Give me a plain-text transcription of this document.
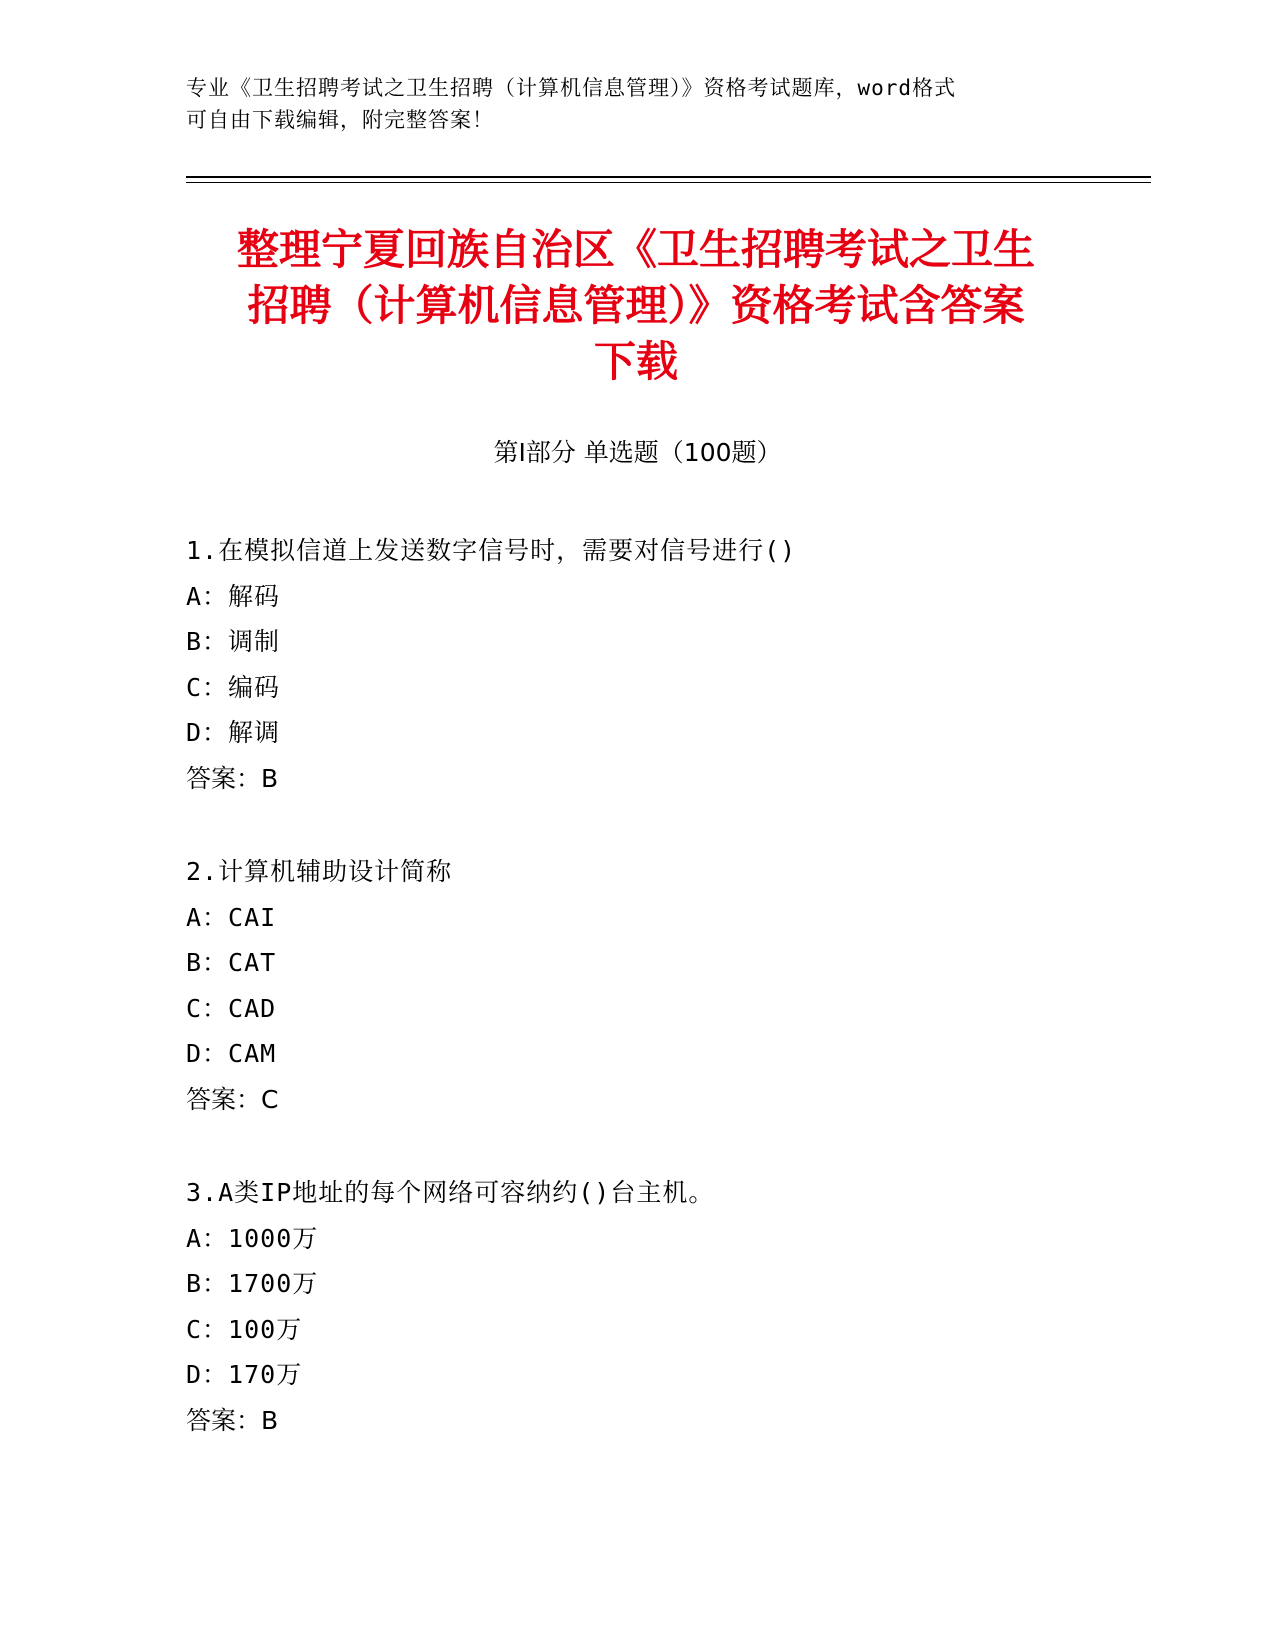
专业《卫生招聘考试之卫生招聘（计算机信息管理）》资格考试题库，word格式
可自由下载编辑，附完整答案！
整理宁夏回族自治区《卫生招聘考试之卫生
招聘（计算机信息管理）》资格考试含答案
下载
第Ⅰ部分 单选题（100题）
1.在模拟信道上发送数字信号时，需要对信号进行()
A：解码
B：调制
C：编码
D：解调
答案：B
2.计算机辅助设计简称
A：CAI
B：CAT
C：CAD
D：CAM
答案：C
3.A类IP地址的每个网络可容纳约()台主机。
A：1000万
B：1700万
C：100万
D：170万
答案：B
